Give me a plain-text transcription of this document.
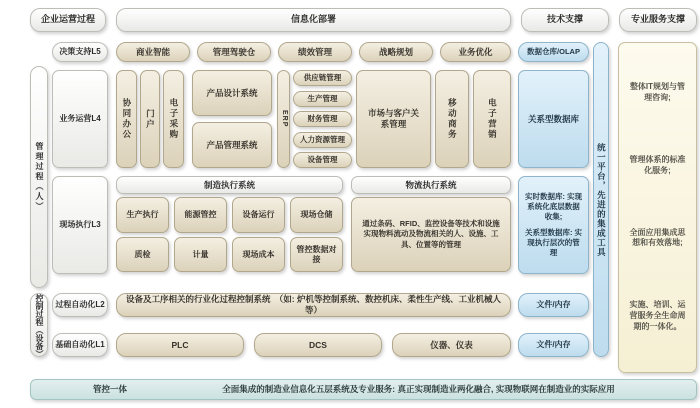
企业运营过程	信息化部署	技术支撑	专业服务支撑
管理过程（人）
控制过程（设备）
决策支持L5
业务运营L4
现场执行L3
过程自动化L2
基础自动化L1
商业智能	管理驾驶仓	绩效管理	战略规划	业务优化
协同办公	门户	电子采购
产品设计系统
产品管理系统
ERP
供应链管理
生产管理
财务管理
人力资源管理
设备管理
市场与客户关系管理	移动商务	电子营销
制造执行系统
生产执行	能源管控	设备运行	现场仓储
质检	计量	现场成本
管控数据对接
物流执行系统
通过条码、RFID、监控设备等技术和设施实现物料流动及物流相关的人、设施、工具、位置等的管理
设备及工序相关的行业化过程控制系统　（如: 炉机等控制系统、数控机床、柔性生产线、工业机械人等）
PLC	DCS	仪器、仪表
数据仓库/OLAP
关系型数据库
实时数据库: 实现系统化底层数据收集;
关系型数据库: 实现执行层次的管理
文件/内存
文件/内存
统一平台，先进的集成工具
整体IT规划与管理咨询;
管理体系的标准化服务;
全面应用集成思想和有效落地;
实施、培训、运营服务全生命周期的一体化。
管控一体	全面集成的制造业信息化五层系统及专业服务: 真正实现制造业两化融合, 实现物联网在制造业的实际应用
